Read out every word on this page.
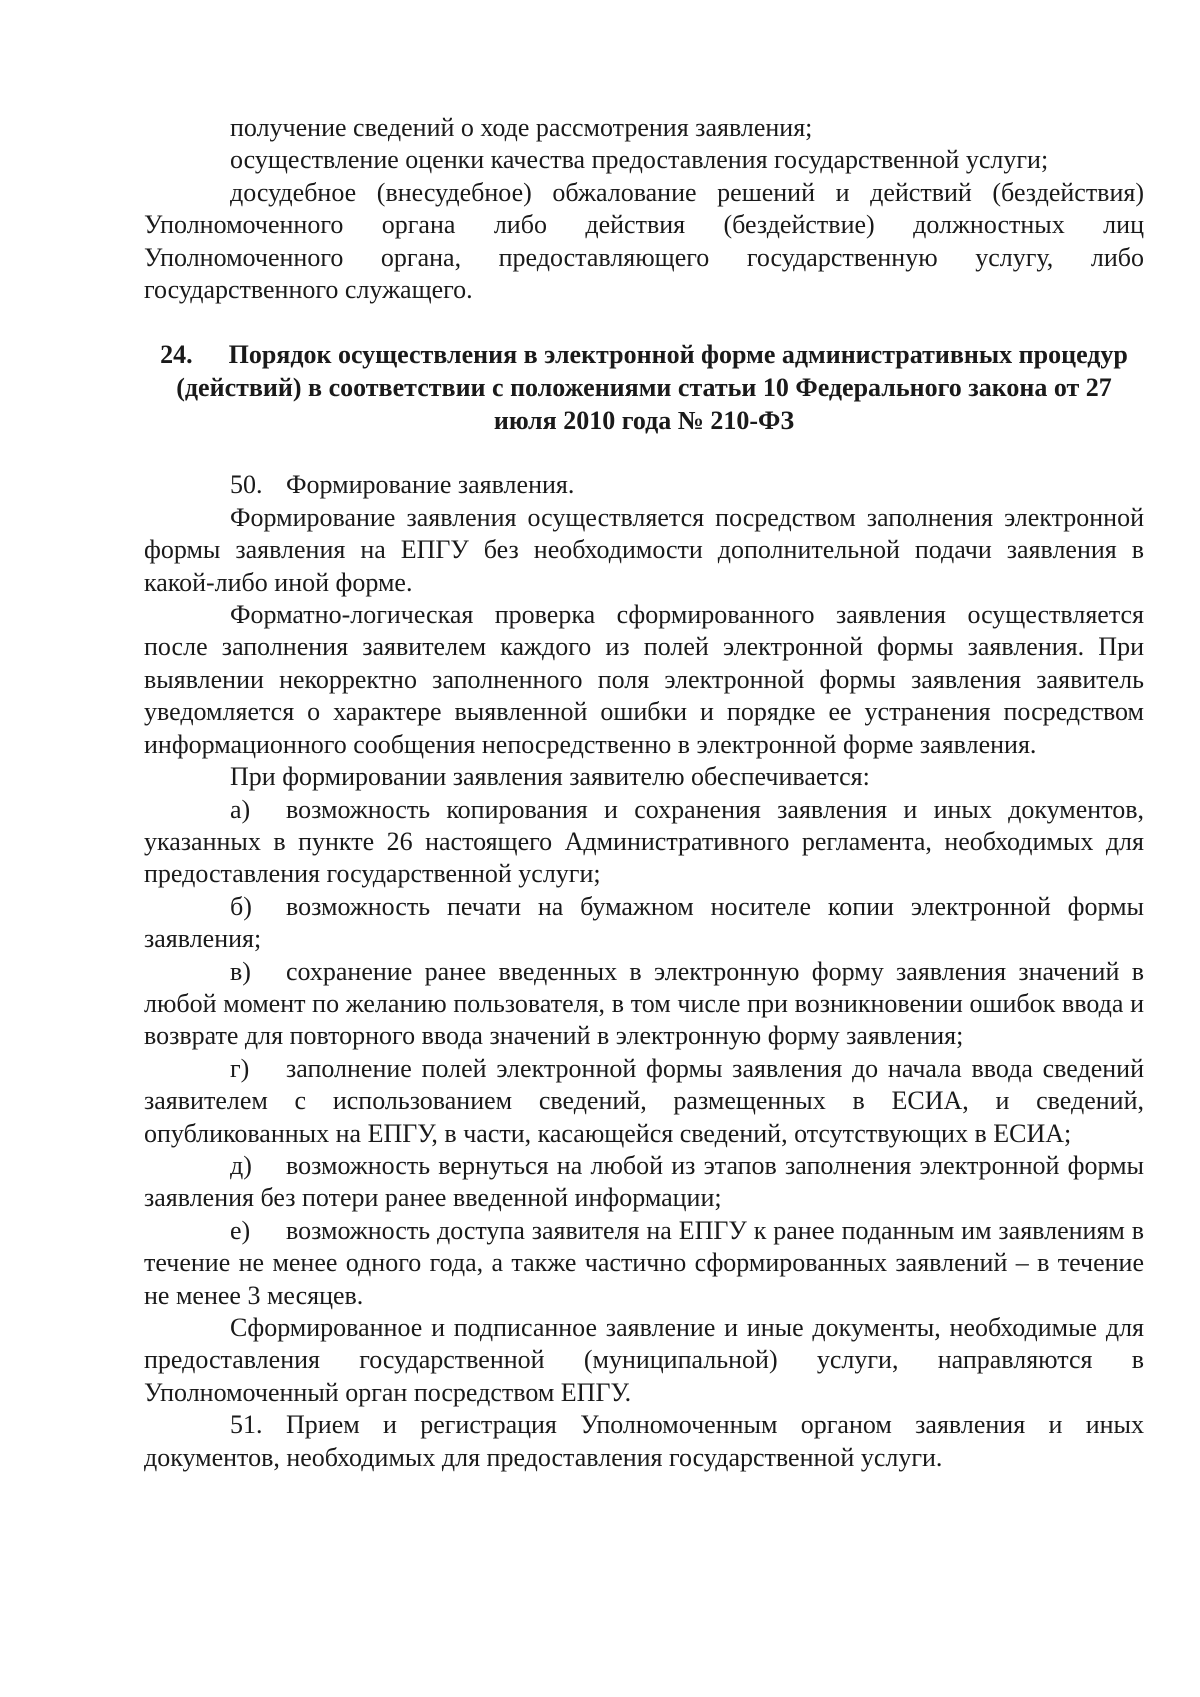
получение сведений о ходе рассмотрения заявления;

осуществление оценки качества предоставления государственной услуги;

досудебное (внесудебное) обжалование решений и действий (бездействия) Уполномоченного органа либо действия (бездействие) должностных лиц Уполномоченного органа, предоставляющего государственную услугу, либо государственного служащего.

24. Порядок осуществления в электронной форме административных процедур (действий) в соответствии с положениями статьи 10 Федерального закона от 27 июля 2010 года № 210-ФЗ

50. Формирование заявления.

Формирование заявления осуществляется посредством заполнения электронной формы заявления на ЕПГУ без необходимости дополнительной подачи заявления в какой-либо иной форме.

Форматно-логическая проверка сформированного заявления осуществляется после заполнения заявителем каждого из полей электронной формы заявления. При выявлении некорректно заполненного поля электронной формы заявления заявитель уведомляется о характере выявленной ошибки и порядке ее устранения посредством информационного сообщения непосредственно в электронной форме заявления.

При формировании заявления заявителю обеспечивается:

а) возможность копирования и сохранения заявления и иных документов, указанных в пункте 26 настоящего Административного регламента, необходимых для предоставления государственной услуги;

б) возможность печати на бумажном носителе копии электронной формы заявления;

в) сохранение ранее введенных в электронную форму заявления значений в любой момент по желанию пользователя, в том числе при возникновении ошибок ввода и возврате для повторного ввода значений в электронную форму заявления;

г) заполнение полей электронной формы заявления до начала ввода сведений заявителем с использованием сведений, размещенных в ЕСИА, и сведений, опубликованных на ЕПГУ, в части, касающейся сведений, отсутствующих в ЕСИА;

д) возможность вернуться на любой из этапов заполнения электронной формы заявления без потери ранее введенной информации;

е) возможность доступа заявителя на ЕПГУ к ранее поданным им заявлениям в течение не менее одного года, а также частично сформированных заявлений – в течение не менее 3 месяцев.

Сформированное и подписанное заявление и иные документы, необходимые для предоставления государственной (муниципальной) услуги, направляются в Уполномоченный орган посредством ЕПГУ.

51. Прием и регистрация Уполномоченным органом заявления и иных документов, необходимых для предоставления государственной услуги.
